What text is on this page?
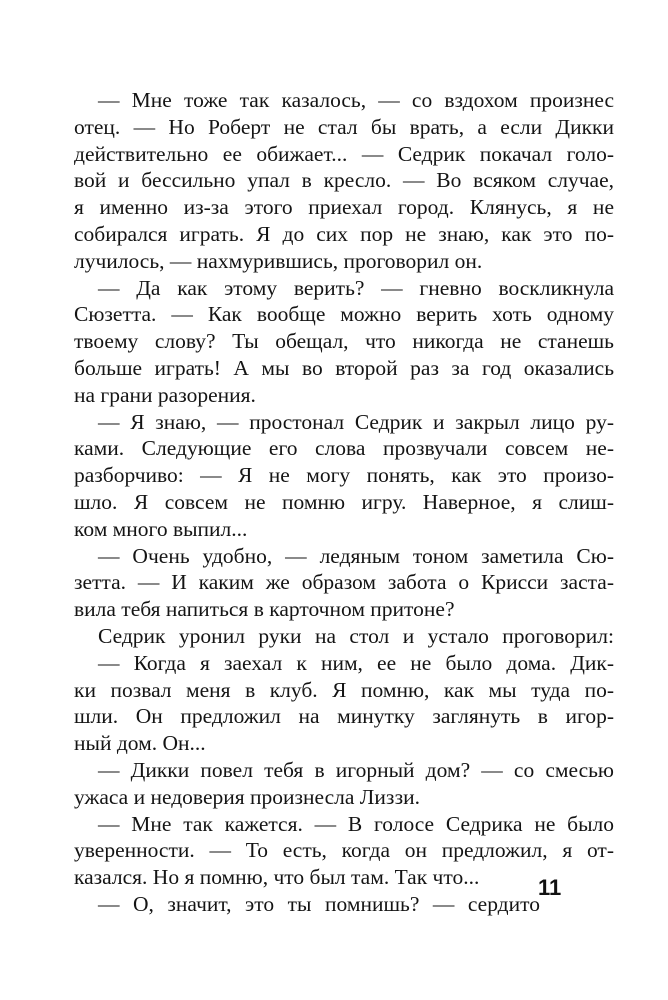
— Мне тоже так казалось, — со вздохом произнес
отец. — Но Роберт не стал бы врать, а если Дикки
действительно ее обижает... — Седрик покачал голо-
вой и бессильно упал в кресло. — Во всяком случае,
я именно из-за этого приехал город. Клянусь, я не
собирался играть. Я до сих пор не знаю, как это по-
лучилось, — нахмурившись, проговорил он.
— Да как этому верить? — гневно воскликнула
Сюзетта. — Как вообще можно верить хоть одному
твоему слову? Ты обещал, что никогда не станешь
больше играть! А мы во второй раз за год оказались
на грани разорения.
— Я знаю, — простонал Седрик и закрыл лицо ру-
ками. Следующие его слова прозвучали совсем не-
разборчиво: — Я не могу понять, как это произо-
шло. Я совсем не помню игру. Наверное, я слиш-
ком много выпил...
— Очень удобно, — ледяным тоном заметила Сю-
зетта. — И каким же образом забота о Крисси заста-
вила тебя напиться в карточном притоне?
Седрик уронил руки на стол и устало проговорил:
— Когда я заехал к ним, ее не было дома. Дик-
ки позвал меня в клуб. Я помню, как мы туда по-
шли. Он предложил на минутку заглянуть в игор-
ный дом. Он...
— Дикки повел тебя в игорный дом? — со смесью
ужаса и недоверия произнесла Лиззи.
— Мне так кажется. — В голосе Седрика не было
уверенности. — То есть, когда он предложил, я от-
казался. Но я помню, что был там. Так что...
— О, значит, это ты помнишь? — сердито
11
